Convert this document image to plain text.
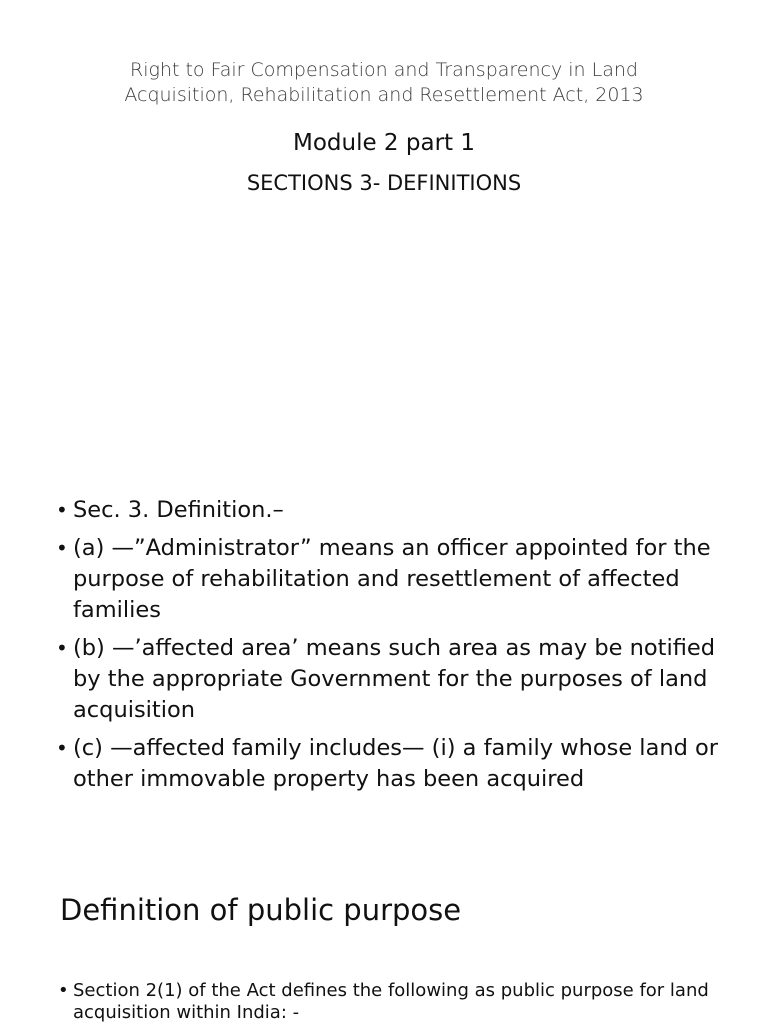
Right to Fair Compensation and Transparency in Land
Acquisition, Rehabilitation and Resettlement Act, 2013
Module 2 part 1
SECTIONS 3- DEFINITIONS
• Sec. 3. Definition.–
• (a) —”Administrator” means an officer appointed for the purpose of rehabilitation and resettlement of affected families
• (b) —’affected area’ means such area as may be notified by the appropriate Government for the purposes of land acquisition
• (c) —affected family includes— (i) a family whose land or other immovable property has been acquired
Definition of public purpose
• Section 2(1) of the Act defines the following as public purpose for land acquisition within India: -
